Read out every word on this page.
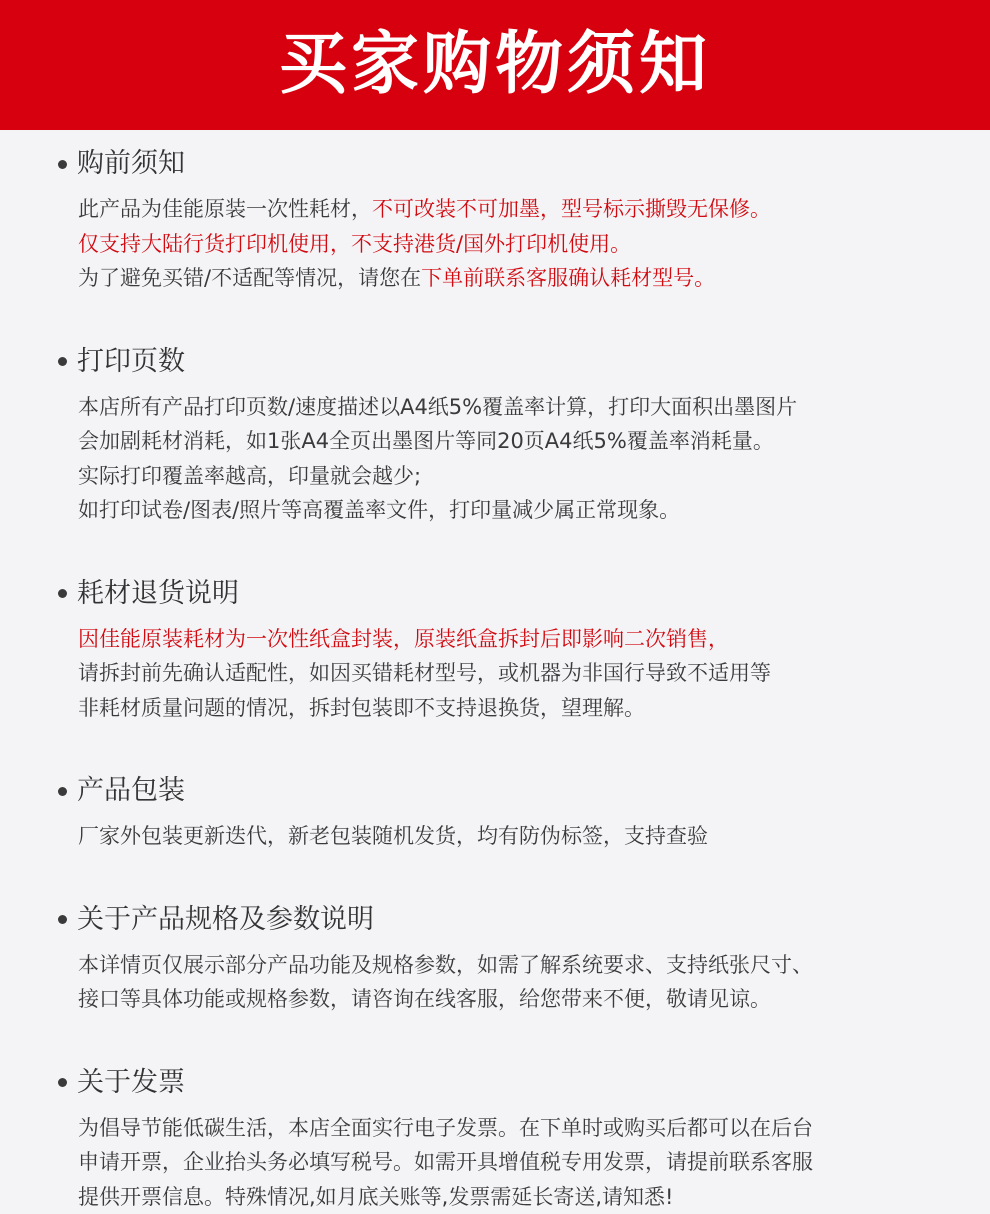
买家购物须知
购前须知
此产品为佳能原装一次性耗材，不可改装不可加墨，型号标示撕毁无保修。
仅支持大陆行货打印机使用，不支持港货/国外打印机使用。
为了避免买错/不适配等情况，请您在下单前联系客服确认耗材型号。
打印页数
本店所有产品打印页数/速度描述以A4纸5%覆盖率计算，打印大面积出墨图片
会加剧耗材消耗，如1张A4全页出墨图片等同20页A4纸5%覆盖率消耗量。
实际打印覆盖率越高，印量就会越少;
如打印试卷/图表/照片等高覆盖率文件，打印量减少属正常现象。
耗材退货说明
因佳能原装耗材为一次性纸盒封装，原装纸盒拆封后即影响二次销售，
请拆封前先确认适配性，如因买错耗材型号，或机器为非国行导致不适用等
非耗材质量问题的情况，拆封包装即不支持退换货，望理解。
产品包装
厂家外包装更新迭代，新老包装随机发货，均有防伪标签，支持查验
关于产品规格及参数说明
本详情页仅展示部分产品功能及规格参数，如需了解系统要求、支持纸张尺寸、
接口等具体功能或规格参数，请咨询在线客服，给您带来不便，敬请见谅。
关于发票
为倡导节能低碳生活，本店全面实行电子发票。在下单时或购买后都可以在后台
申请开票，企业抬头务必填写税号。如需开具增值税专用发票，请提前联系客服
提供开票信息。特殊情况,如月底关账等,发票需延长寄送,请知悉!
